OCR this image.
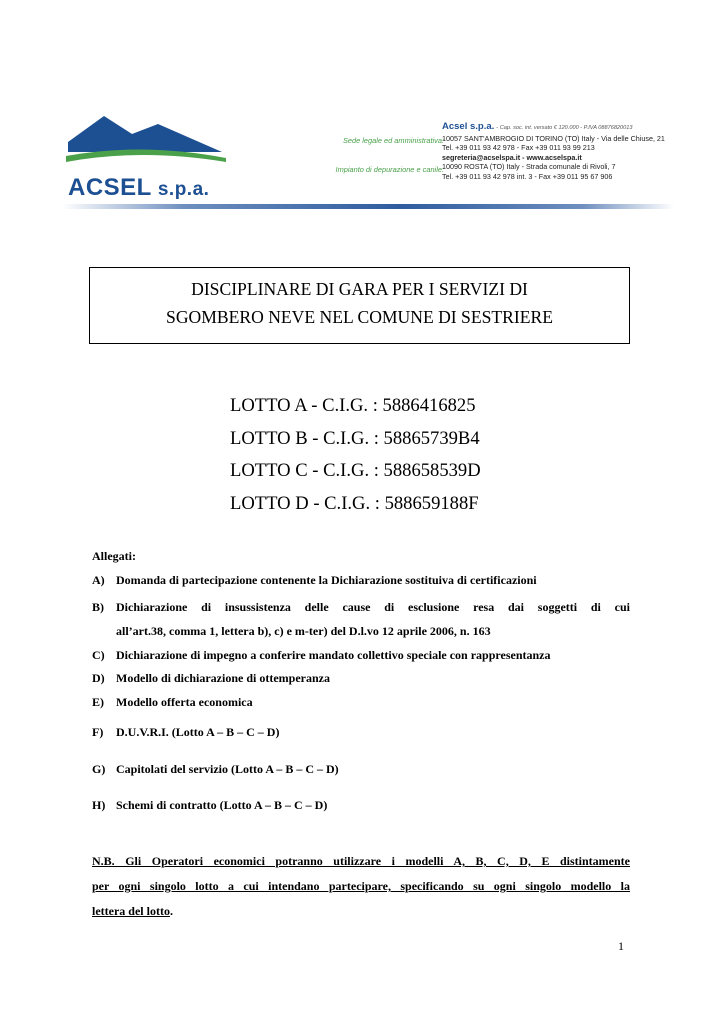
ACSEL s.p.a.
Sede legale ed amministrativa:
Impianto di depurazione e canile:
Acsel s.p.a. - Cap. soc. int. versato € 120.000 - P.IVA 08876820013
10057 SANT'AMBROGIO DI TORINO (TO) Italy - Via delle Chiuse, 21
Tel. +39 011 93 42 978 - Fax +39 011 93 99 213
segreteria@acselspa.it - www.acselspa.it
10090 ROSTA (TO) Italy - Strada comunale di Rivoli, 7
Tel. +39 011 93 42 978 int. 3 - Fax +39 011 95 67 906
DISCIPLINARE DI GARA PER I SERVIZI DI
SGOMBERO NEVE NEL COMUNE DI SESTRIERE
LOTTO A - C.I.G. : 5886416825
LOTTO B - C.I.G. : 58865739B4
LOTTO C - C.I.G. : 588658539D
LOTTO D - C.I.G. : 588659188F
Allegati:
A) Domanda di partecipazione contenente la Dichiarazione sostituiva di certificazioni
B) Dichiarazione di insussistenza delle cause di esclusione resa dai soggetti di cui
all’art.38, comma 1, lettera b), c) e m-ter) del D.l.vo 12 aprile 2006, n. 163
C) Dichiarazione di impegno a conferire mandato collettivo speciale con rappresentanza
D) Modello di dichiarazione di ottemperanza
E) Modello offerta economica
F) D.U.V.R.I. (Lotto A – B – C – D)
G) Capitolati del servizio (Lotto A – B – C – D)
H) Schemi di contratto (Lotto A – B – C – D)
N.B. Gli Operatori economici potranno utilizzare i modelli A, B, C, D, E distintamente
per ogni singolo lotto a cui intendano partecipare, specificando su ogni singolo modello la
lettera del lotto.
1
